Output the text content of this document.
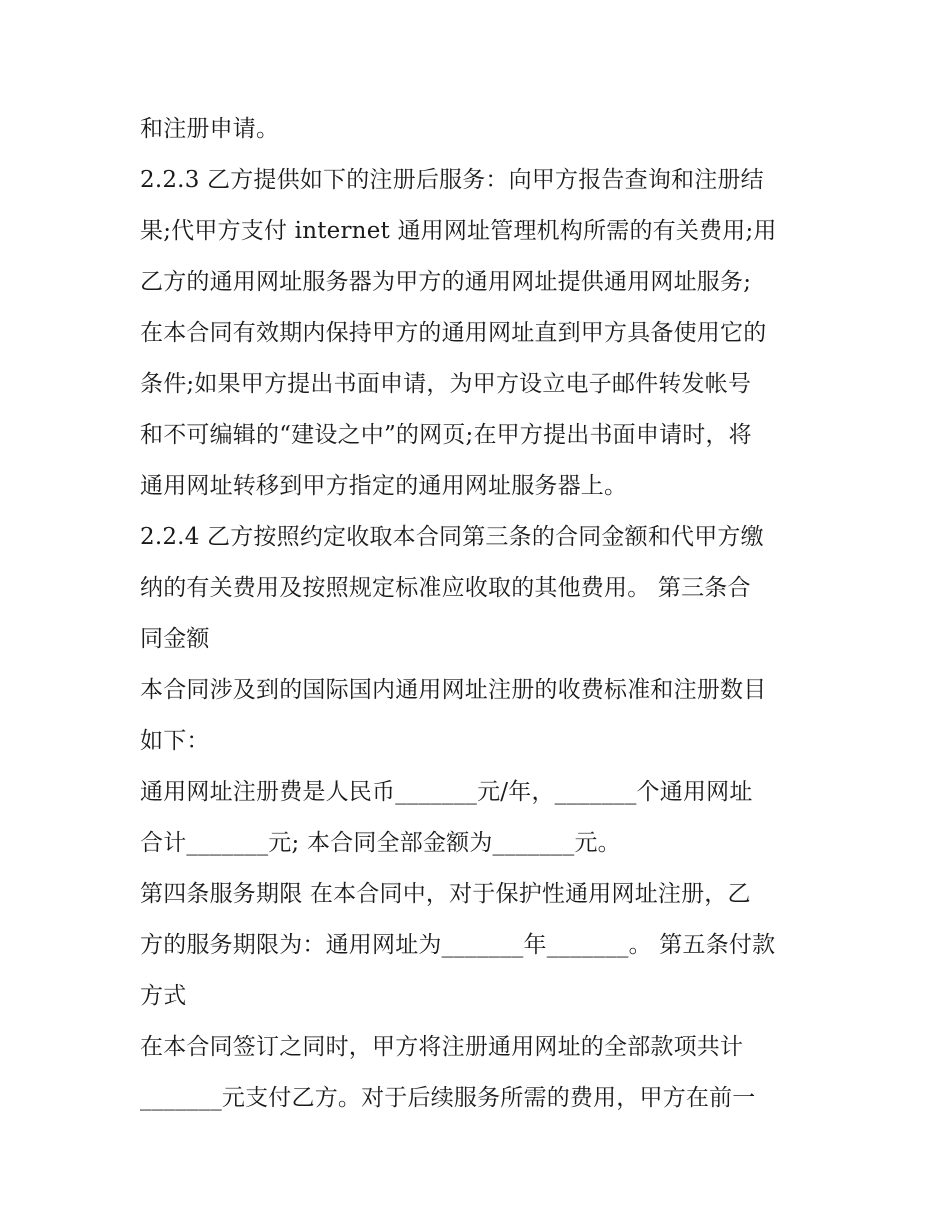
和注册申请。
2.2.3 乙方提供如下的注册后服务：向甲方报告查询和注册结
果;代甲方支付 internet 通用网址管理机构所需的有关费用;用
乙方的通用网址服务器为甲方的通用网址提供通用网址服务;
在本合同有效期内保持甲方的通用网址直到甲方具备使用它的
条件;如果甲方提出书面申请，为甲方设立电子邮件转发帐号
和不可编辑的“建设之中”的网页;在甲方提出书面申请时，将
通用网址转移到甲方指定的通用网址服务器上。
2.2.4 乙方按照约定收取本合同第三条的合同金额和代甲方缴
纳的有关费用及按照规定标准应收取的其他费用。 第三条合
同金额
本合同涉及到的国际国内通用网址注册的收费标准和注册数目
如下：
通用网址注册费是人民币_______元/年，_______个通用网址
合计_______元; 本合同全部金额为_______元。
第四条服务期限 在本合同中，对于保护性通用网址注册，乙
方的服务期限为：通用网址为_______年_______。 第五条付款
方式
在本合同签订之同时，甲方将注册通用网址的全部款项共计
_______元支付乙方。对于后续服务所需的费用，甲方在前一
